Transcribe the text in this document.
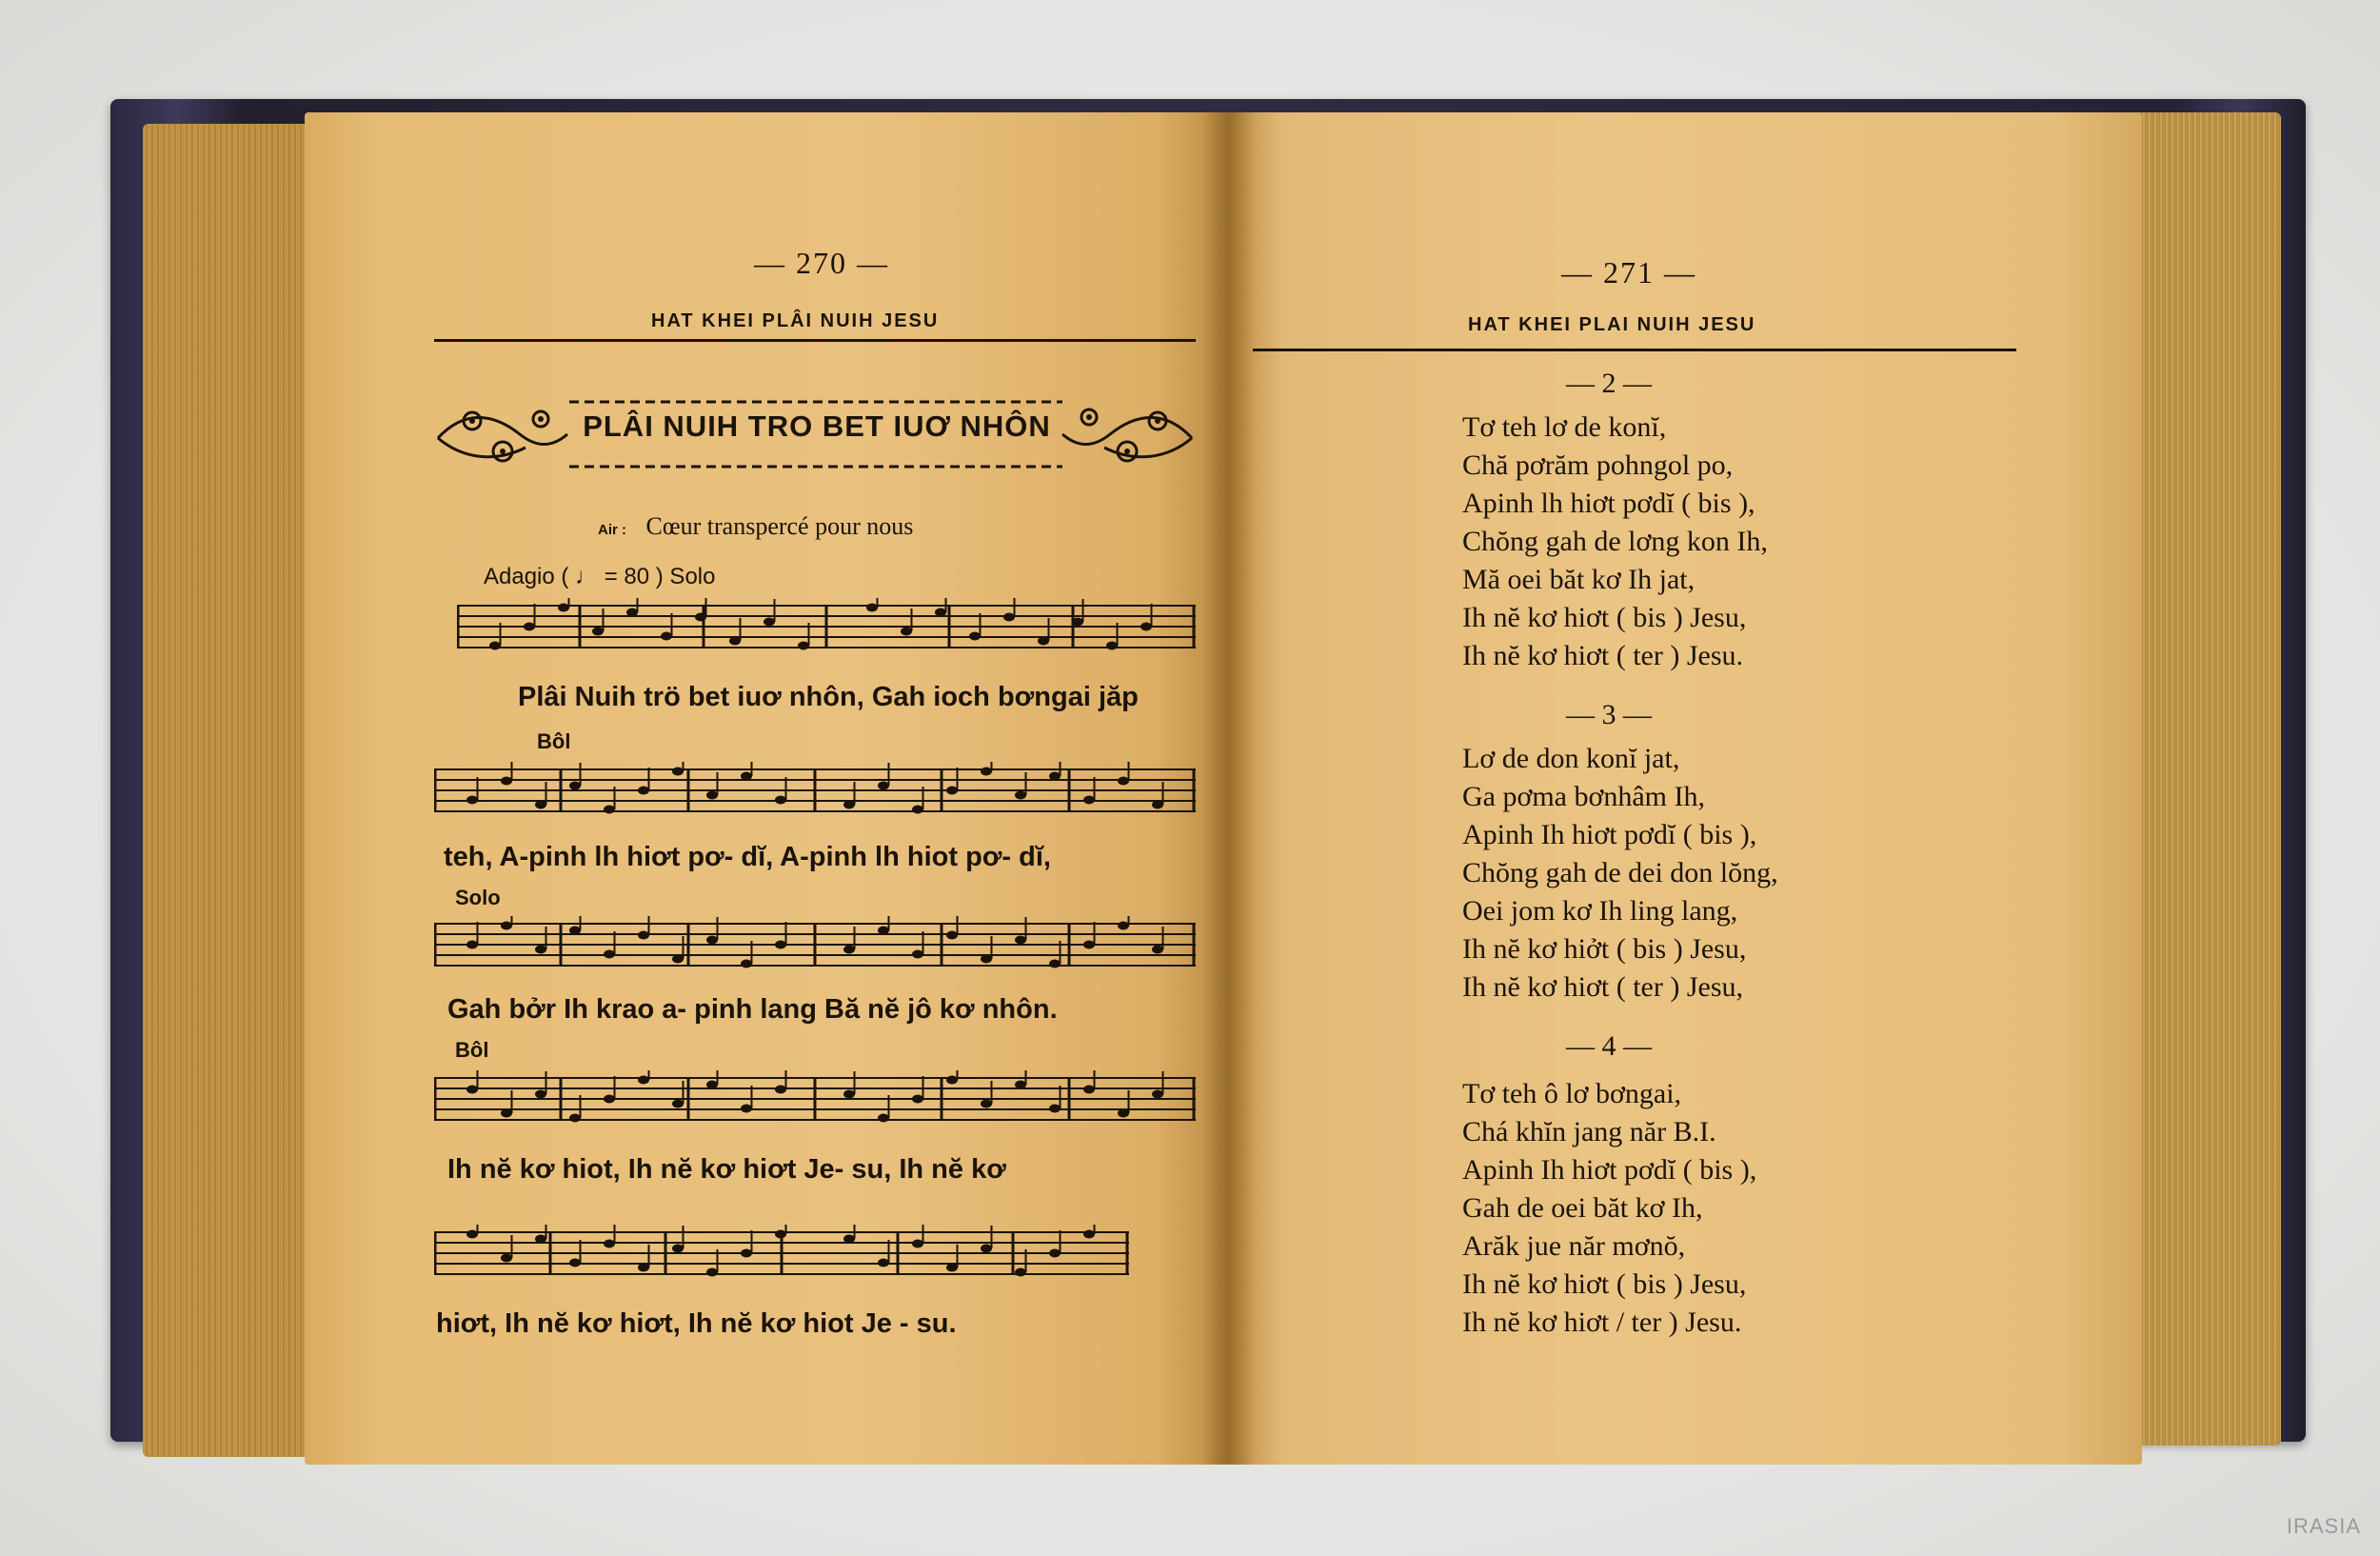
— 270 —
HAT KHEI PLÂI NUIH JESU
PLÂI NUIH TRO BET IUƠ NHÔN
Air : Cœur transpercé pour nous
Adagio ( ♩ = 80 ) Solo
Plâi Nuih trö bet iuơ nhôn, Gah ioch bơngai jăp
Bôl
teh, A-pinh lh hiơt pơ- dĭ, A-pinh lh hiot pơ- dĭ,
Solo
Gah bởr Ih krao a- pinh lang Bă nĕ jô kơ nhôn.
Bôl
Ih nĕ kơ hiot, Ih nĕ kơ hiơt Je- su, Ih nĕ kơ
hiơt, Ih nĕ kơ hiơt, Ih nĕ kơ hiot Je - su.
— 271 —
HAT KHEI PLAI NUIH JESU
— 2 —
Tơ teh lơ de konĭ,
Chă pơrăm pohngol po,
Apinh lh hiơt pơdĭ ( bis ),
Chŏng gah de lơng kon Ih,
Mă oei băt kơ Ih jat,
Ih nĕ kơ hiơt ( bis ) Jesu,
Ih nĕ kơ hiơt ( ter ) Jesu.
— 3 —
Lơ de don konĭ jat,
Ga pơma bơnhâm Ih,
Apinh Ih hiơt pơdĭ ( bis ),
Chŏng gah de dei don lŏng,
Oei jom kơ Ih ling lang,
Ih nĕ kơ hiởt ( bis ) Jesu,
Ih nĕ kơ hiơt ( ter ) Jesu,
— 4 —
Tơ teh ô lơ bơngai,
Chá khĭn jang năr B.I.
Apinh Ih hiơt pơdĭ ( bis ),
Gah de oei băt kơ Ih,
Arăk jue năr mơnŏ,
Ih nĕ kơ hiơt ( bis ) Jesu,
Ih nĕ kơ hiơt / ter ) Jesu.
IRASIA
